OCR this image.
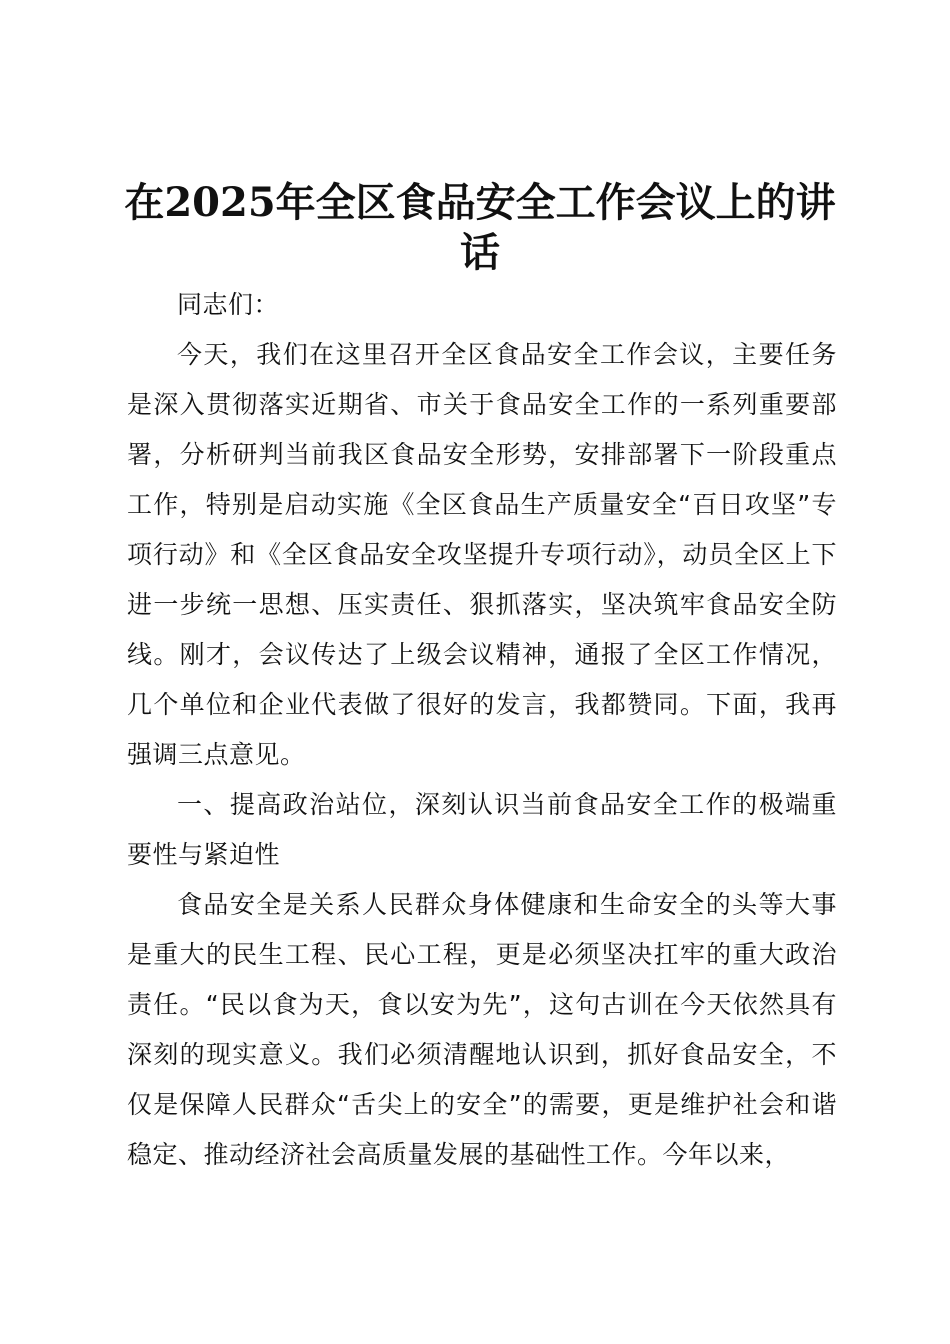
在2025年全区食品安全工作会议上的讲话

同志们：

今天，我们在这里召开全区食品安全工作会议，主要任务是深入贯彻落实近期省、市关于食品安全工作的一系列重要部署，分析研判当前我区食品安全形势，安排部署下一阶段重点工作，特别是启动实施《全区食品生产质量安全“百日攻坚”专项行动》和《全区食品安全攻坚提升专项行动》，动员全区上下进一步统一思想、压实责任、狠抓落实，坚决筑牢食品安全防线。刚才，会议传达了上级会议精神，通报了全区工作情况，几个单位和企业代表做了很好的发言，我都赞同。下面，我再强调三点意见。

一、提高政治站位，深刻认识当前食品安全工作的极端重要性与紧迫性

食品安全是关系人民群众身体健康和生命安全的头等大事是重大的民生工程、民心工程，更是必须坚决扛牢的重大政治责任。“民以食为天，食以安为先”，这句古训在今天依然具有深刻的现实意义。我们必须清醒地认识到，抓好食品安全，不仅是保障人民群众“舌尖上的安全”的需要，更是维护社会和谐稳定、推动经济社会高质量发展的基础性工作。今年以来，
